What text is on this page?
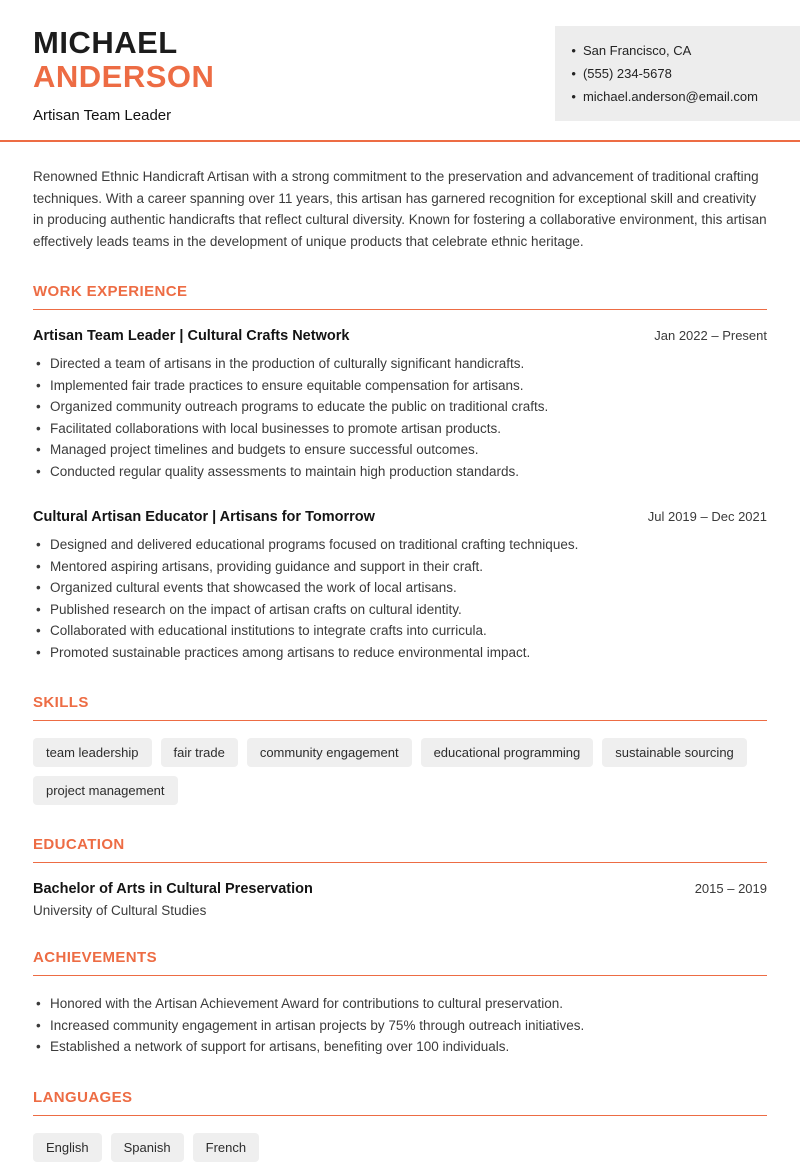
MICHAEL
ANDERSON
Artisan Team Leader
• San Francisco, CA
• (555) 234-5678
• michael.anderson@email.com

Renowned Ethnic Handicraft Artisan with a strong commitment to the preservation and advancement of traditional crafting techniques. With a career spanning over 11 years, this artisan has garnered recognition for exceptional skill and creativity in producing authentic handicrafts that reflect cultural diversity. Known for fostering a collaborative environment, this artisan effectively leads teams in the development of unique products that celebrate ethnic heritage.

WORK EXPERIENCE
Artisan Team Leader | Cultural Crafts Network	Jan 2022 – Present
• Directed a team of artisans in the production of culturally significant handicrafts.
• Implemented fair trade practices to ensure equitable compensation for artisans.
• Organized community outreach programs to educate the public on traditional crafts.
• Facilitated collaborations with local businesses to promote artisan products.
• Managed project timelines and budgets to ensure successful outcomes.
• Conducted regular quality assessments to maintain high production standards.
Cultural Artisan Educator | Artisans for Tomorrow	Jul 2019 – Dec 2021
• Designed and delivered educational programs focused on traditional crafting techniques.
• Mentored aspiring artisans, providing guidance and support in their craft.
• Organized cultural events that showcased the work of local artisans.
• Published research on the impact of artisan crafts on cultural identity.
• Collaborated with educational institutions to integrate crafts into curricula.
• Promoted sustainable practices among artisans to reduce environmental impact.
SKILLS
team leadership	fair trade	community engagement	educational programming	sustainable sourcing
project management
EDUCATION
Bachelor of Arts in Cultural Preservation	2015 – 2019
University of Cultural Studies
ACHIEVEMENTS
• Honored with the Artisan Achievement Award for contributions to cultural preservation.
• Increased community engagement in artisan projects by 75% through outreach initiatives.
• Established a network of support for artisans, benefiting over 100 individuals.
LANGUAGES
English	Spanish	French
